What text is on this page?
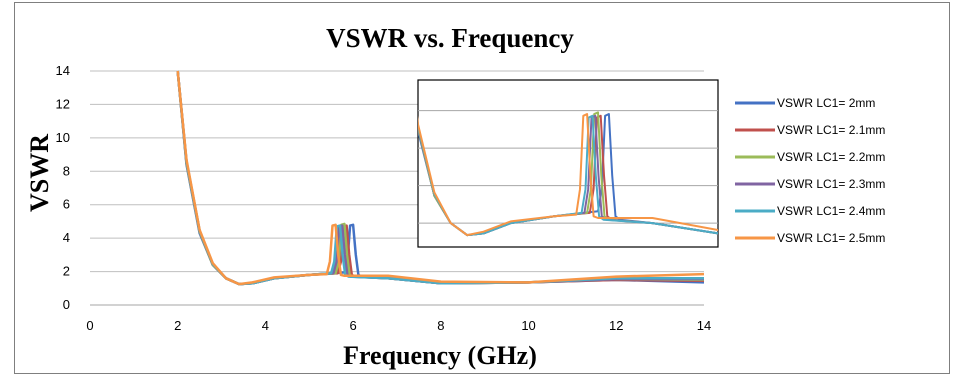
VSWR vs. Frequency
0
2
4
6
8
10
12
14
0	2	4	6	8	10	12	14
Frequency (GHz)
VSWR
VSWR LC1= 2mm
VSWR LC1= 2.1mm
VSWR LC1= 2.2mm
VSWR LC1= 2.3mm
VSWR LC1= 2.4mm
VSWR LC1= 2.5mm
